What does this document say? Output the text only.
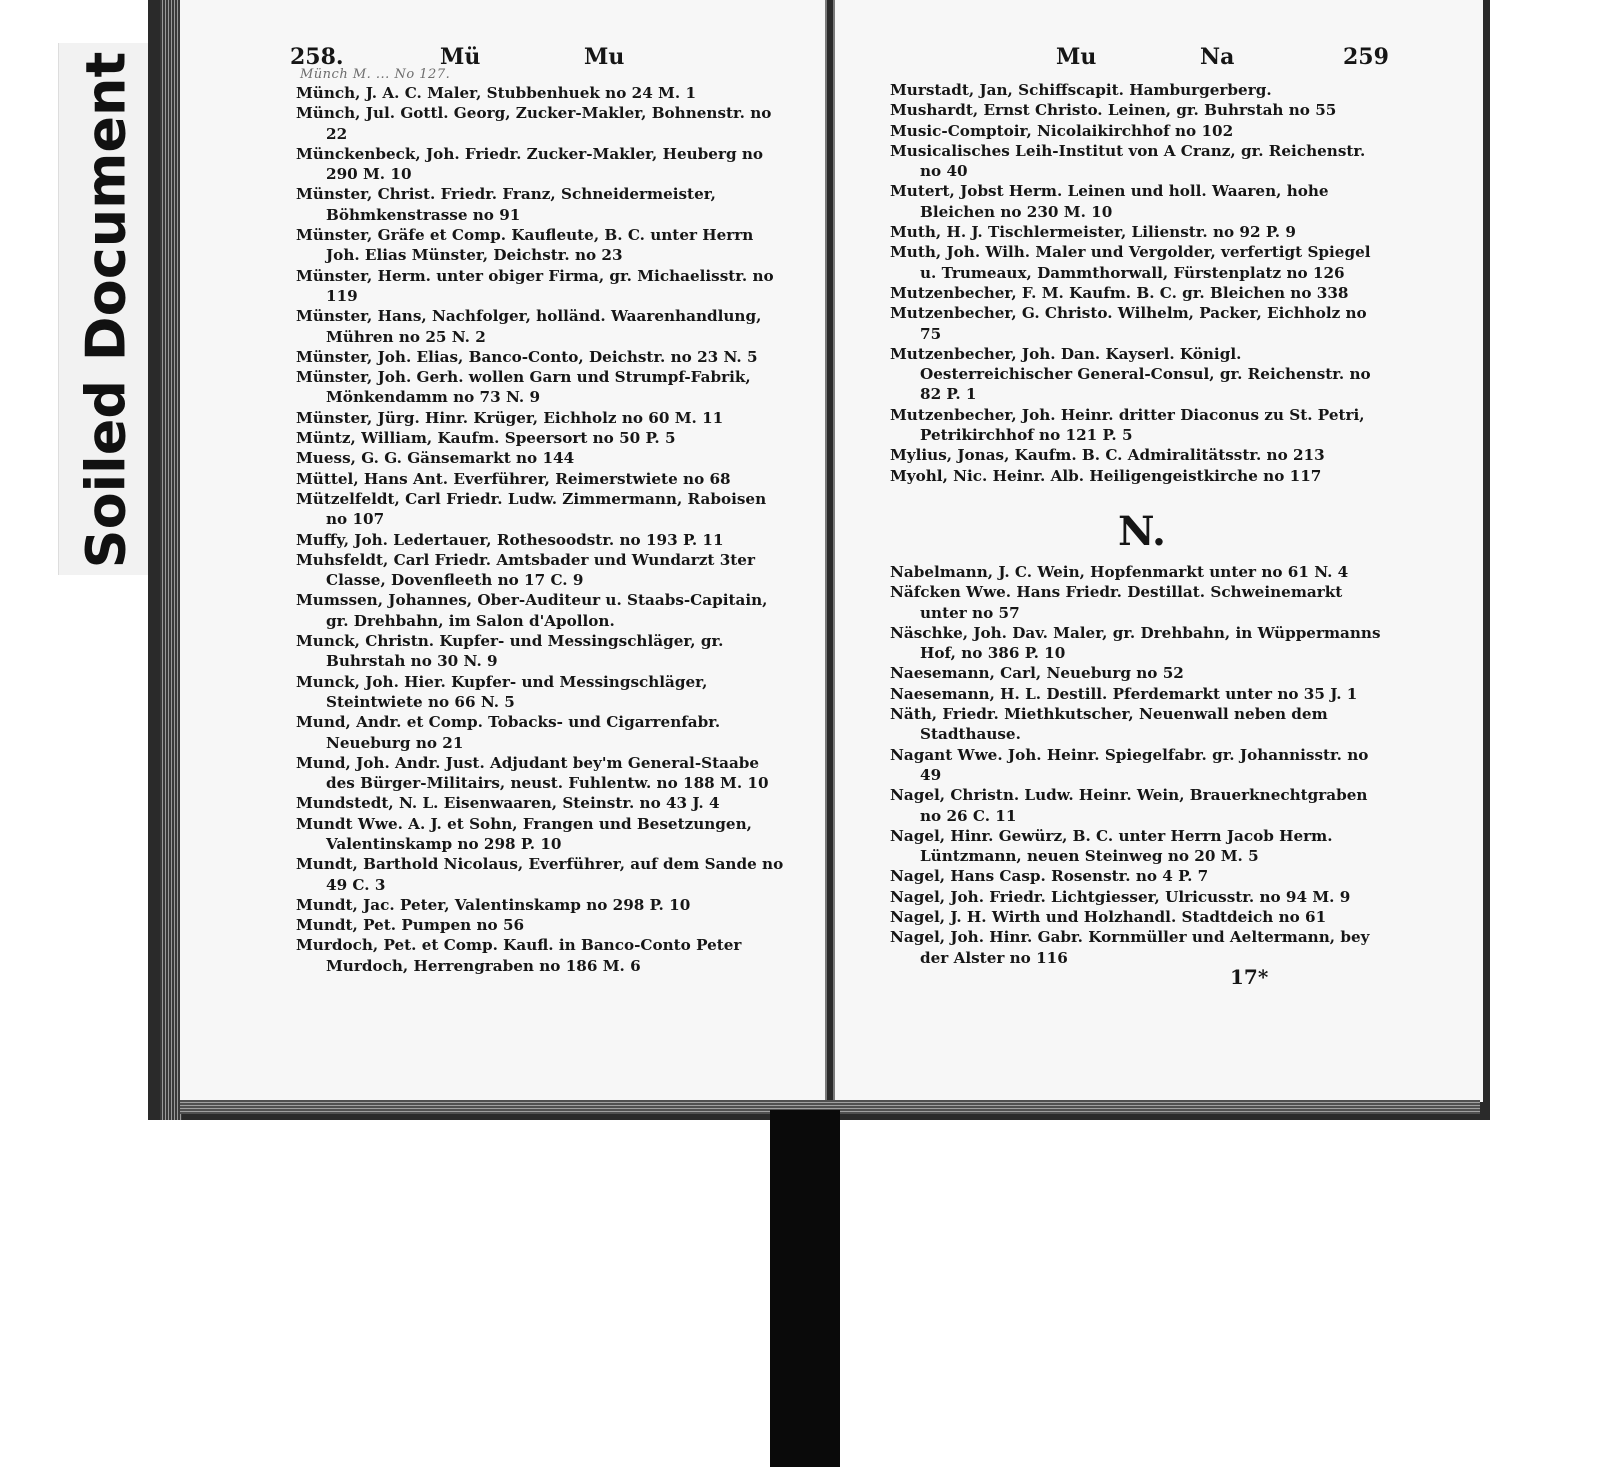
Soiled Document	258.	Mü	Mu
Münch M. ... No 127.
Münch, J. A. C. Maler, Stubbenhuek no 24 M. 1
Münch, Jul. Gottl. Georg, Zucker-Makler, Bohnenstr. no 22
Münckenbeck, Joh. Friedr. Zucker-Makler, Heuberg no 290 M. 10
Münster, Christ. Friedr. Franz, Schneidermeister, Böhmkenstrasse no 91
Münster, Gräfe et Comp. Kaufleute, B. C. unter Herrn Joh. Elias Münster, Deichstr. no 23
Münster, Herm. unter obiger Firma, gr. Michaelisstr. no 119
Münster, Hans, Nachfolger, holländ. Waarenhandlung, Mühren no 25 N. 2
Münster, Joh. Elias, Banco-Conto, Deichstr. no 23 N. 5
Münster, Joh. Gerh. wollen Garn und Strumpf-Fabrik, Mönkendamm no 73 N. 9
Münster, Jürg. Hinr. Krüger, Eichholz no 60 M. 11
Müntz, William, Kaufm. Speersort no 50 P. 5
Muess, G. G. Gänsemarkt no 144
Müttel, Hans Ant. Everführer, Reimerstwiete no 68
Mützelfeldt, Carl Friedr. Ludw. Zimmermann, Raboisen no 107
Muffy, Joh. Ledertauer, Rothesoodstr. no 193 P. 11
Muhsfeldt, Carl Friedr. Amtsbader und Wundarzt 3ter Classe, Dovenfleeth no 17 C. 9
Mumssen, Johannes, Ober-Auditeur u. Staabs-Capitain, gr. Drehbahn, im Salon d'Apollon.
Munck, Christn. Kupfer- und Messingschläger, gr. Buhrstah no 30 N. 9
Munck, Joh. Hier. Kupfer- und Messingschläger, Steintwiete no 66 N. 5
Mund, Andr. et Comp. Tobacks- und Cigarrenfabr. Neueburg no 21
Mund, Joh. Andr. Just. Adjudant bey'm General-Staabe des Bürger-Militairs, neust. Fuhlentw. no 188 M. 10
Mundstedt, N. L. Eisenwaaren, Steinstr. no 43 J. 4
Mundt Wwe. A. J. et Sohn, Frangen und Besetzungen, Valentinskamp no 298 P. 10
Mundt, Barthold Nicolaus, Everführer, auf dem Sande no 49 C. 3
Mundt, Jac. Peter, Valentinskamp no 298 P. 10
Mundt, Pet. Pumpen no 56
Murdoch, Pet. et Comp. Kaufl. in Banco-Conto Peter Murdoch, Herrengraben no 186 M. 6
Mu	Na	259
Murstadt, Jan, Schiffscapit. Hamburgerberg.
Mushardt, Ernst Christo. Leinen, gr. Buhrstah no 55
Music-Comptoir, Nicolaikirchhof no 102
Musicalisches Leih-Institut von A Cranz, gr. Reichenstr. no 40
Mutert, Jobst Herm. Leinen und holl. Waaren, hohe Bleichen no 230 M. 10
Muth, H. J. Tischlermeister, Lilienstr. no 92 P. 9
Muth, Joh. Wilh. Maler und Vergolder, verfertigt Spiegel u. Trumeaux, Dammthorwall, Fürstenplatz no 126
Mutzenbecher, F. M. Kaufm. B. C. gr. Bleichen no 338
Mutzenbecher, G. Christo. Wilhelm, Packer, Eichholz no 75
Mutzenbecher, Joh. Dan. Kayserl. Königl. Oesterreichischer General-Consul, gr. Reichenstr. no 82 P. 1
Mutzenbecher, Joh. Heinr. dritter Diaconus zu St. Petri, Petrikirchhof no 121 P. 5
Mylius, Jonas, Kaufm. B. C. Admiralitätsstr. no 213
Myohl, Nic. Heinr. Alb. Heiligengeistkirche no 117
N.
Nabelmann, J. C. Wein, Hopfenmarkt unter no 61 N. 4
Näfcken Wwe. Hans Friedr. Destillat. Schweinemarkt unter no 57
Näschke, Joh. Dav. Maler, gr. Drehbahn, in Wüppermanns Hof, no 386 P. 10
Naesemann, Carl, Neueburg no 52
Naesemann, H. L. Destill. Pferdemarkt unter no 35 J. 1
Näth, Friedr. Miethkutscher, Neuenwall neben dem Stadthause.
Nagant Wwe. Joh. Heinr. Spiegelfabr. gr. Johannisstr. no 49
Nagel, Christn. Ludw. Heinr. Wein, Brauerknechtgraben no 26 C. 11
Nagel, Hinr. Gewürz, B. C. unter Herrn Jacob Herm. Lüntzmann, neuen Steinweg no 20 M. 5
Nagel, Hans Casp. Rosenstr. no 4 P. 7
Nagel, Joh. Friedr. Lichtgiesser, Ulricusstr. no 94 M. 9
Nagel, J. H. Wirth und Holzhandl. Stadtdeich no 61
Nagel, Joh. Hinr. Gabr. Kornmüller und Aeltermann, bey der Alster no 116
17*
